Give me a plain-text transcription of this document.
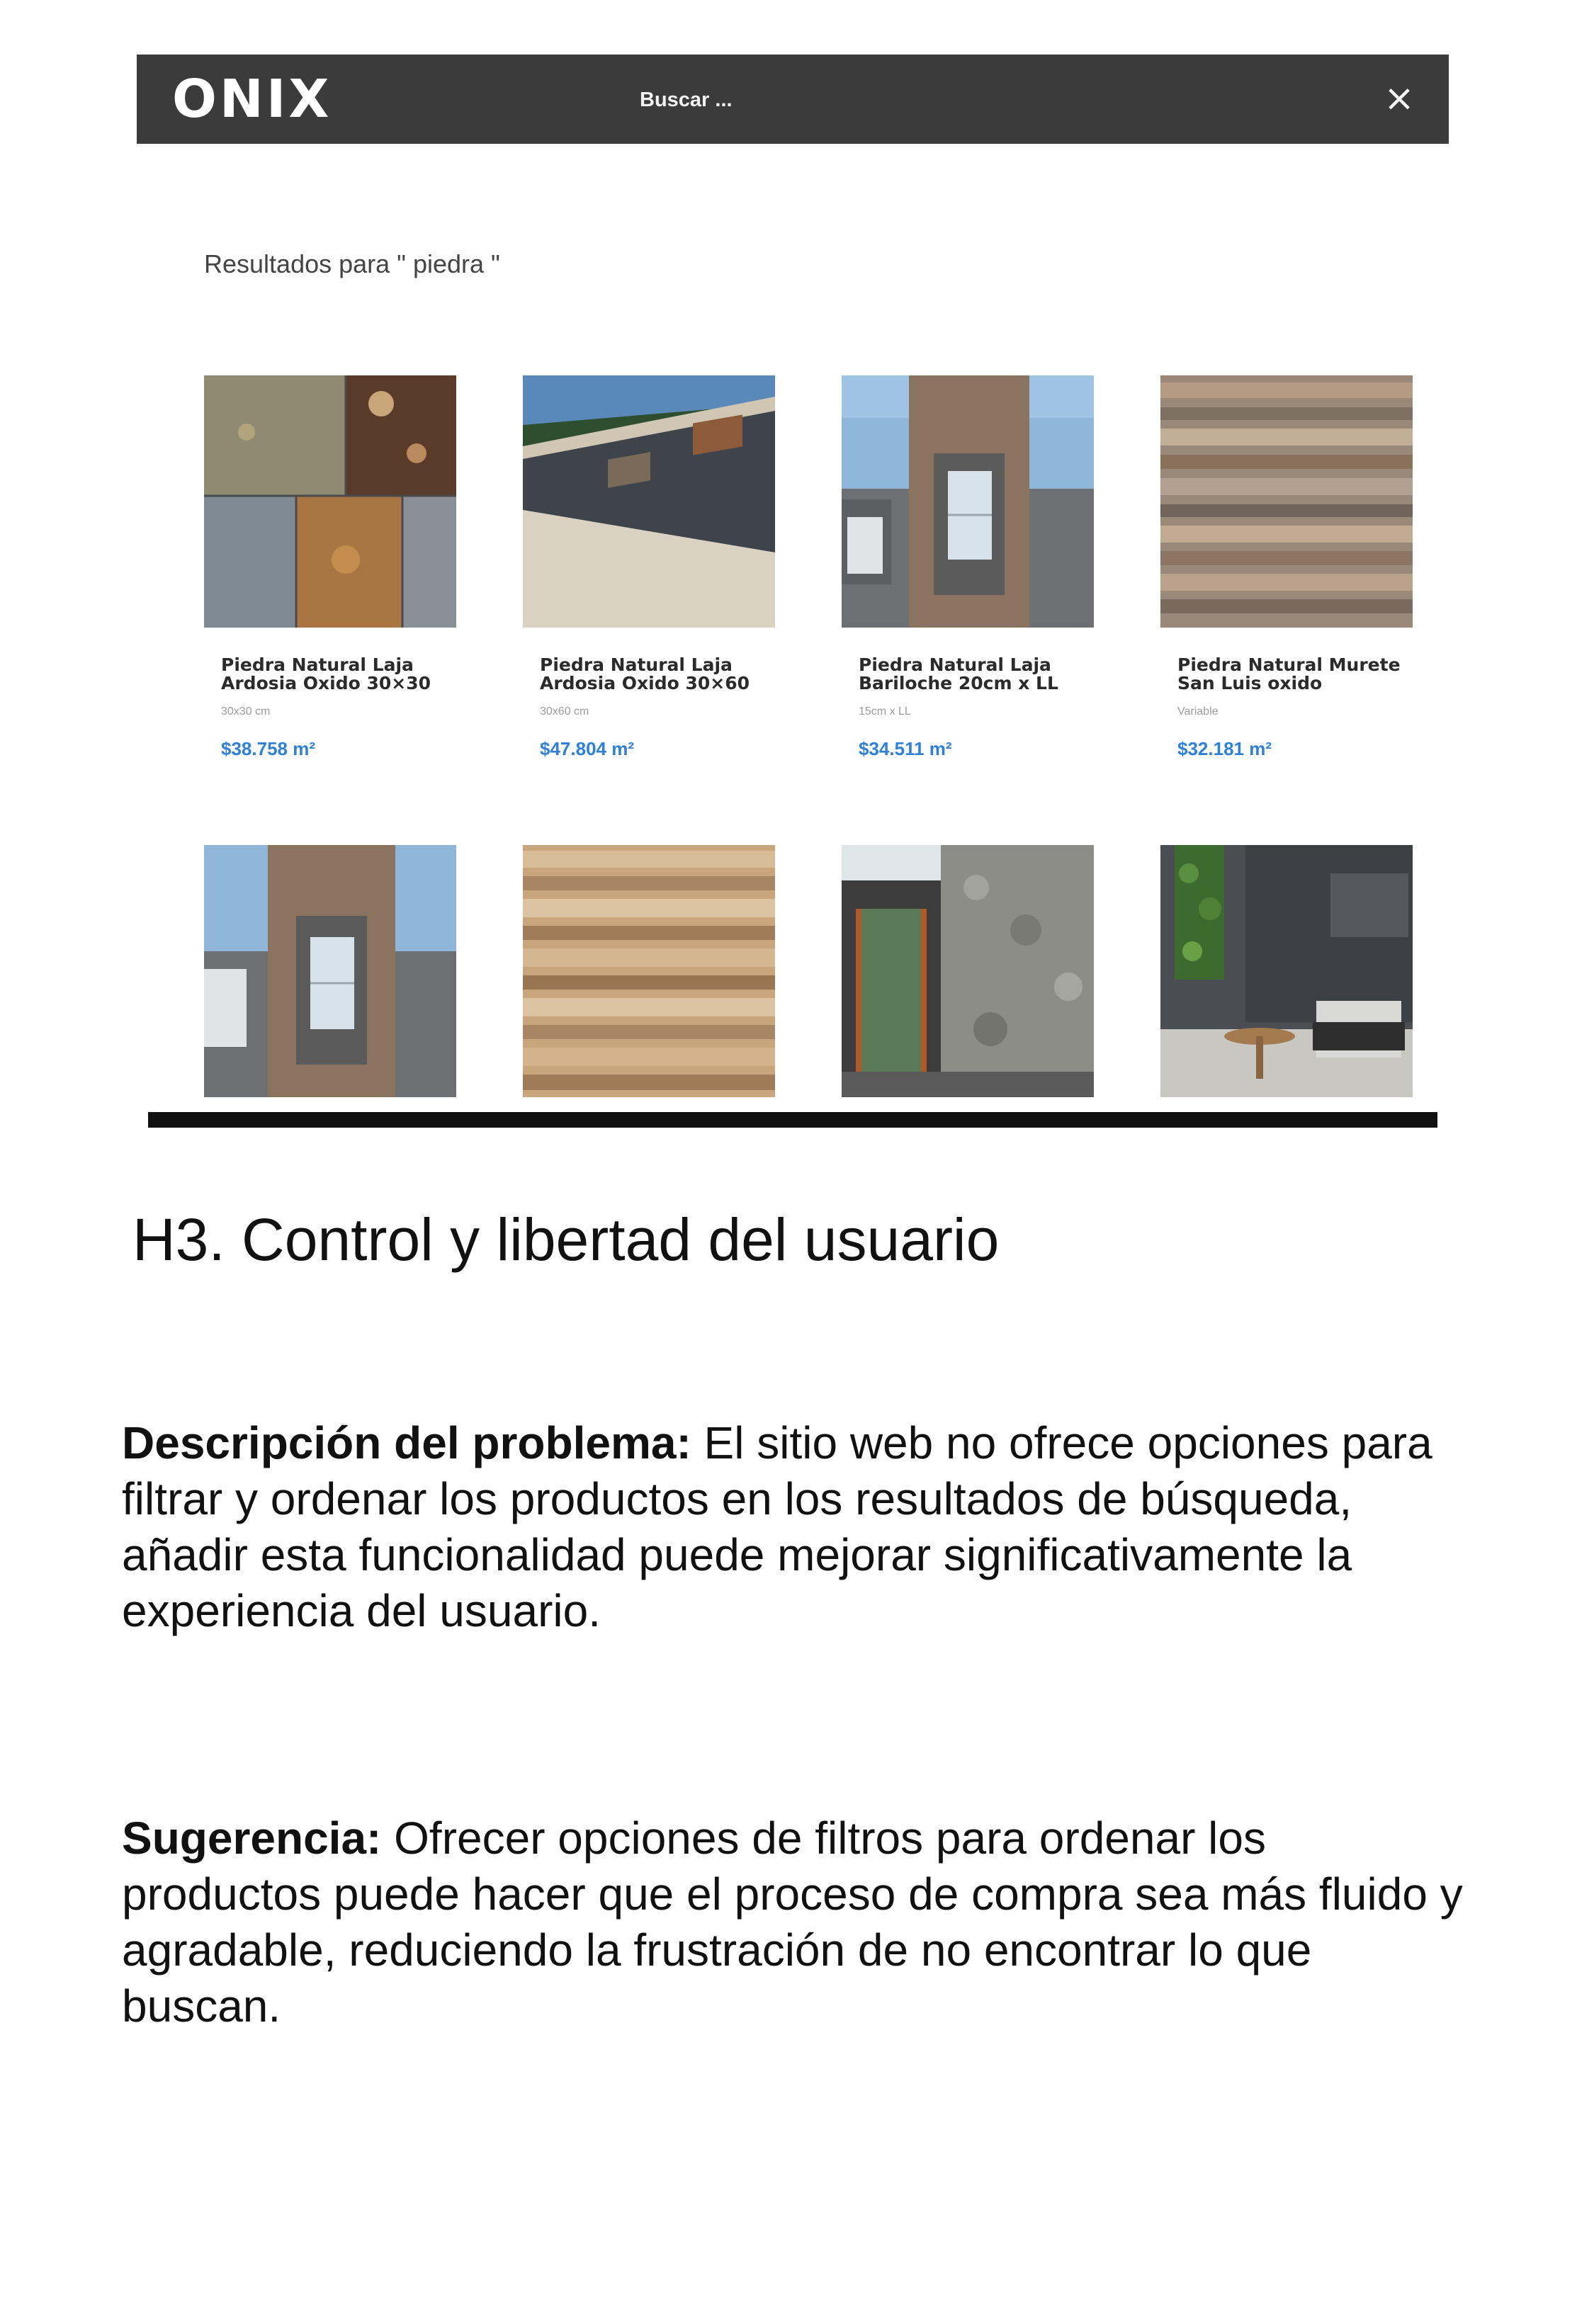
ONIX	Buscar ...	×
Resultados para " piedra "
Piedra Natural Laja
Ardosia Oxido 30×30
30x30 cm
$38.758 m²
Piedra Natural Laja
Ardosia Oxido 30×60
30x60 cm
$47.804 m²
Piedra Natural Laja
Bariloche 20cm x LL
15cm x LL
$34.511 m²
Piedra Natural Murete
San Luis oxido
Variable
$32.181 m²
H3. Control y libertad del usuario
Descripción del problema: El sitio web no ofrece opciones para filtrar y ordenar los productos en los resultados de búsqueda, añadir esta funcionalidad puede mejorar significativamente la experiencia del usuario.
Sugerencia: Ofrecer opciones de filtros para ordenar los productos puede hacer que el proceso de compra sea más fluido y agradable, reduciendo la frustración de no encontrar lo que buscan.
